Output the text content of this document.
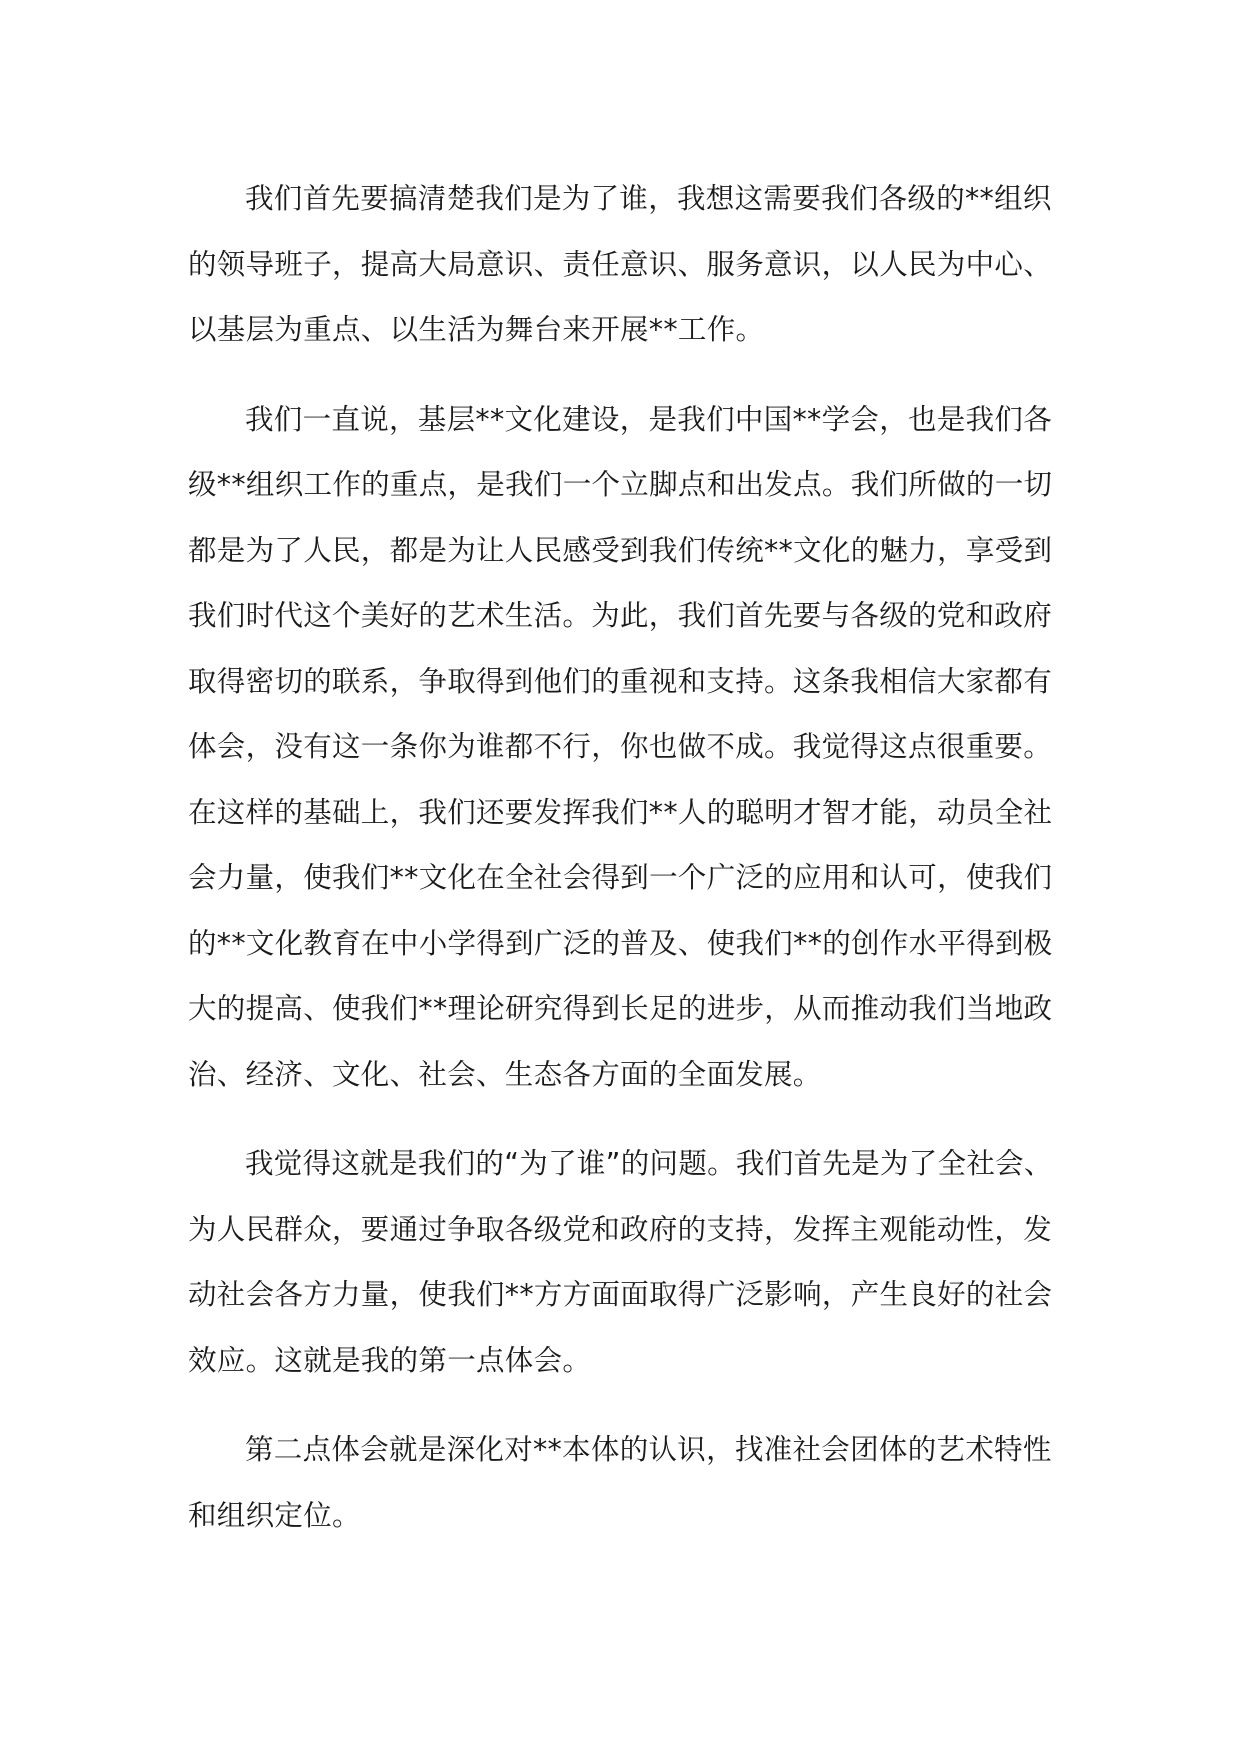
我们首先要搞清楚我们是为了谁，我想这需要我们各级的**组织的领导班子，提高大局意识、责任意识、服务意识，以人民为中心、以基层为重点、以生活为舞台来开展**工作。

我们一直说，基层**文化建设，是我们中国**学会，也是我们各级**组织工作的重点，是我们一个立脚点和出发点。我们所做的一切都是为了人民，都是为让人民感受到我们传统**文化的魅力，享受到我们时代这个美好的艺术生活。为此，我们首先要与各级的党和政府取得密切的联系，争取得到他们的重视和支持。这条我相信大家都有体会，没有这一条你为谁都不行，你也做不成。我觉得这点很重要。在这样的基础上，我们还要发挥我们**人的聪明才智才能，动员全社会力量，使我们**文化在全社会得到一个广泛的应用和认可，使我们的**文化教育在中小学得到广泛的普及、使我们**的创作水平得到极大的提高、使我们**理论研究得到长足的进步，从而推动我们当地政治、经济、文化、社会、生态各方面的全面发展。

我觉得这就是我们的“为了谁”的问题。我们首先是为了全社会、为人民群众，要通过争取各级党和政府的支持，发挥主观能动性，发动社会各方力量，使我们**方方面面取得广泛影响，产生良好的社会效应。这就是我的第一点体会。

第二点体会就是深化对**本体的认识，找准社会团体的艺术特性和组织定位。
